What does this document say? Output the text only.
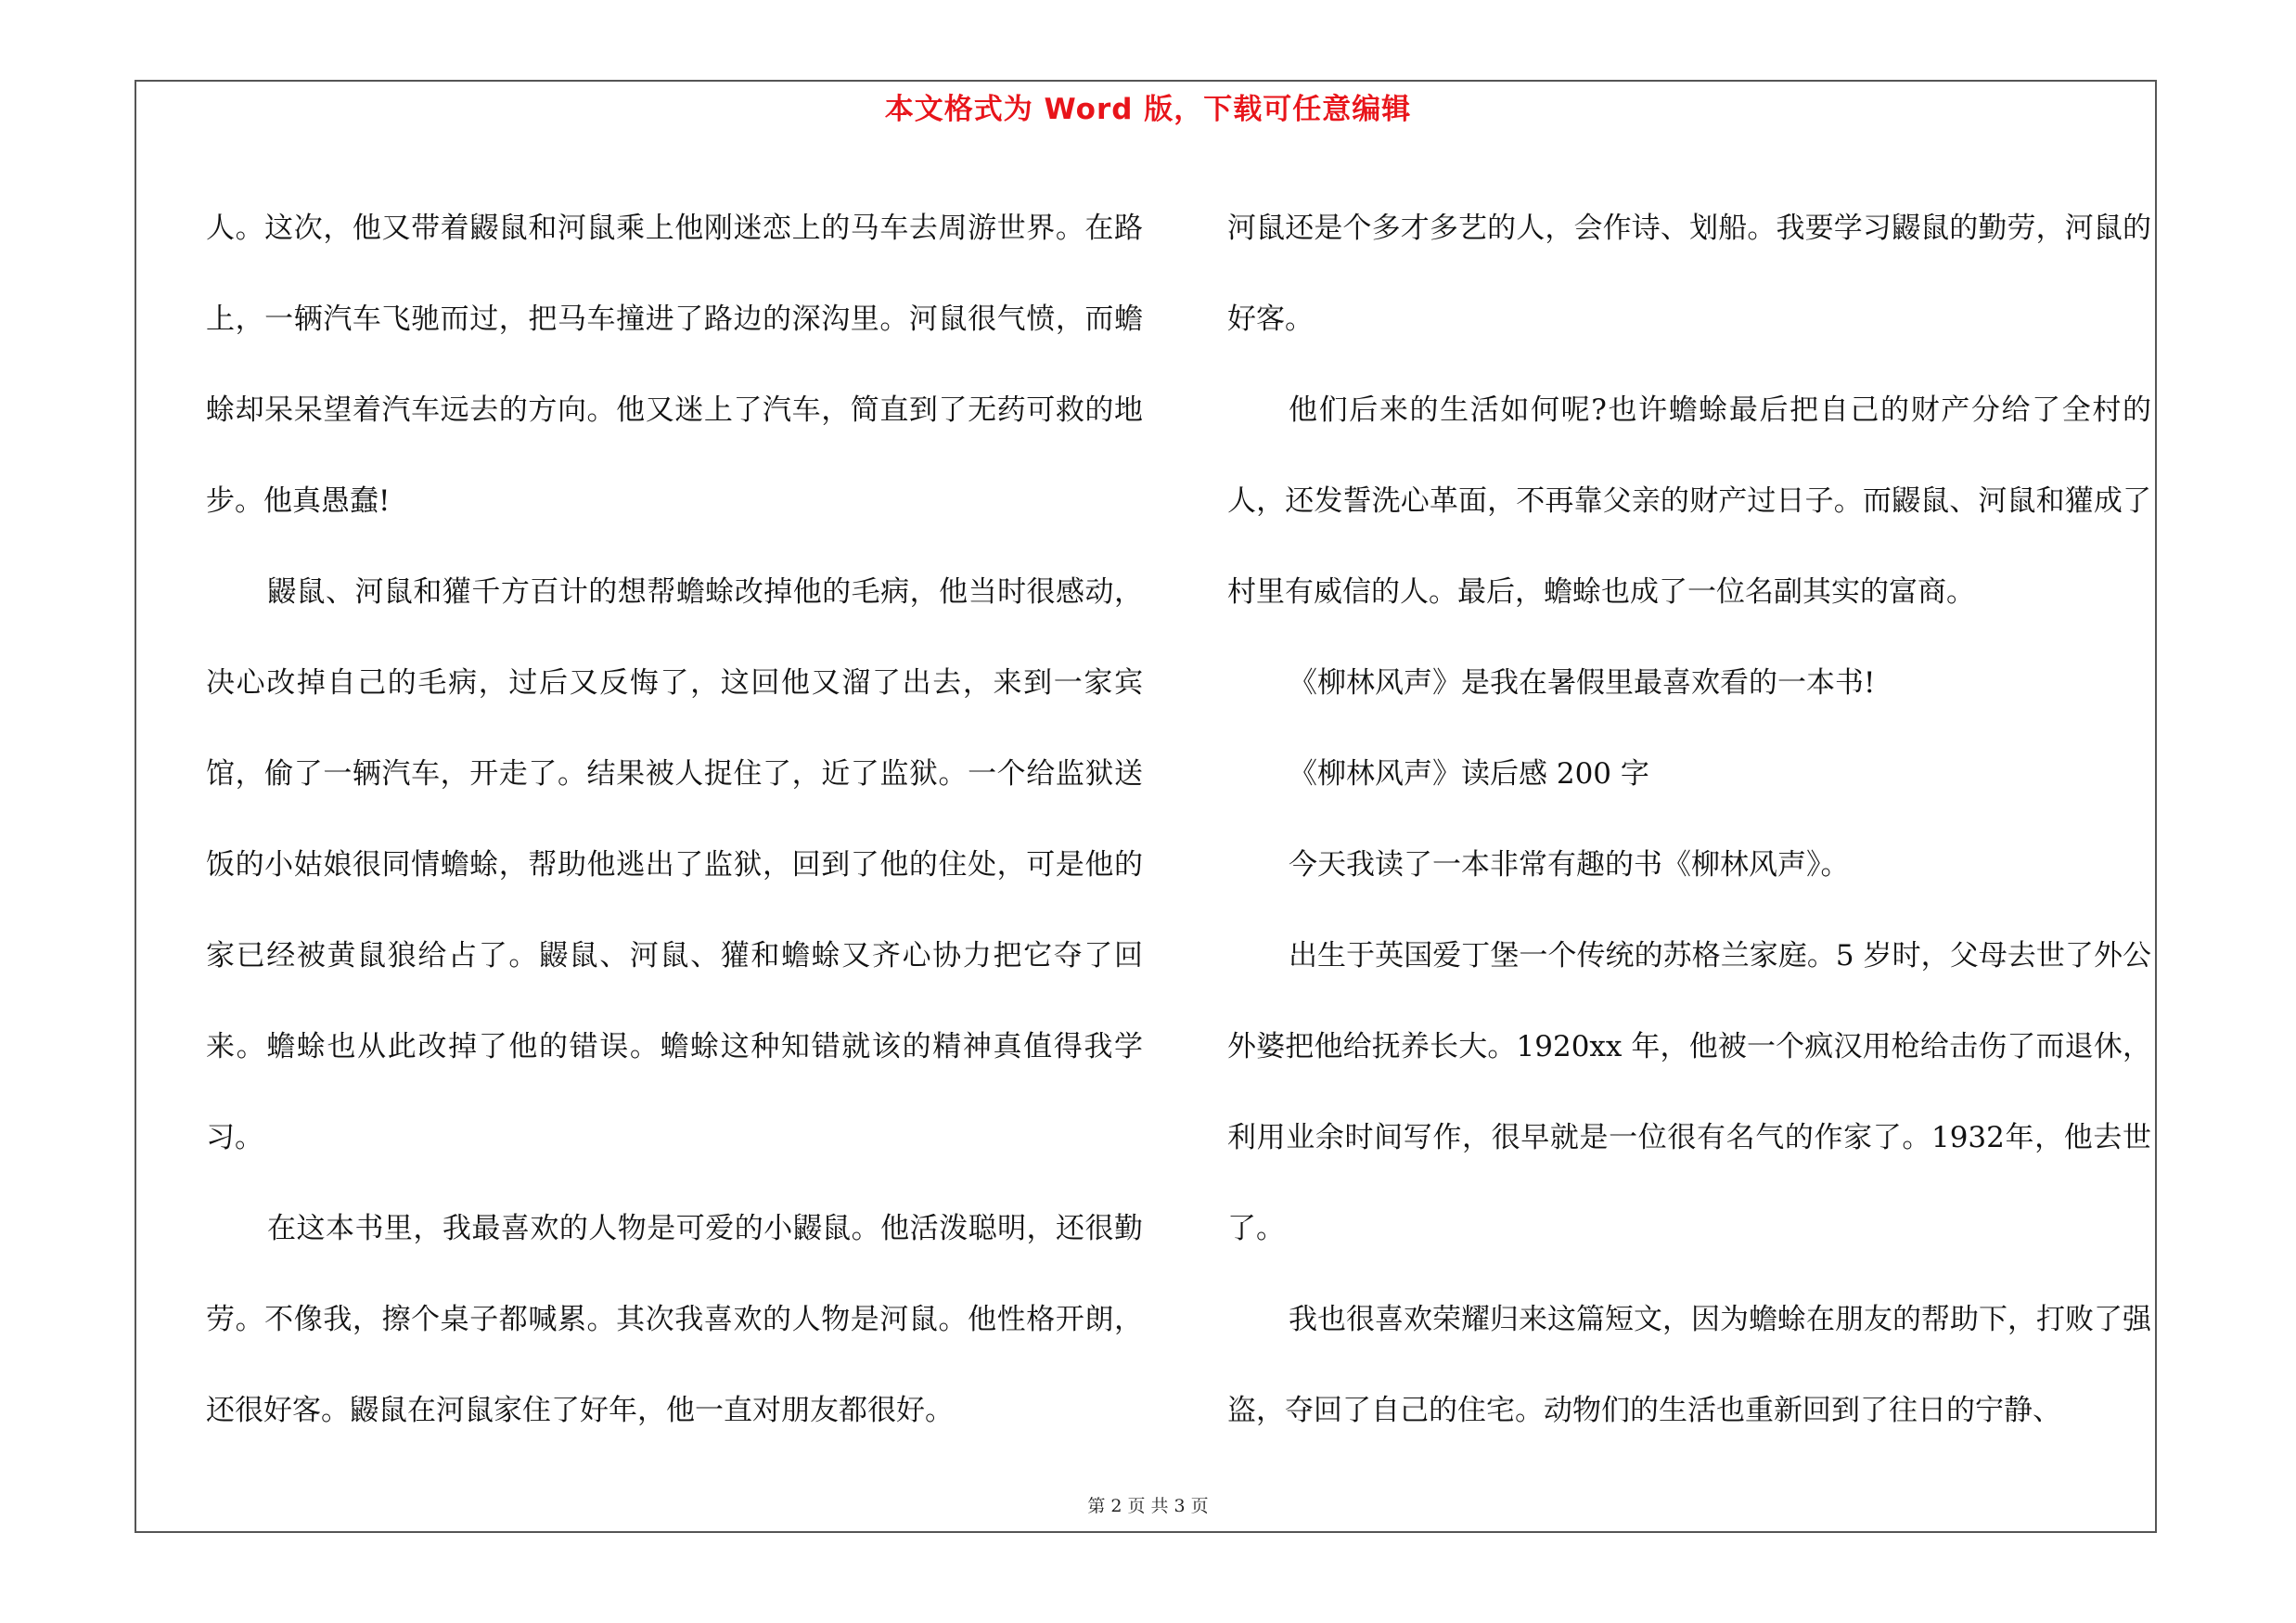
本文格式为 Word 版，下载可任意编辑

人。这次，他又带着鼹鼠和河鼠乘上他刚迷恋上的马车去周游世界。在路上，一辆汽车飞驰而过，把马车撞进了路边的深沟里。河鼠很气愤，而蟾蜍却呆呆望着汽车远去的方向。他又迷上了汽车，简直到了无药可救的地步。他真愚蠢!

鼹鼠、河鼠和獾千方百计的想帮蟾蜍改掉他的毛病，他当时很感动，决心改掉自己的毛病，过后又反悔了，这回他又溜了出去，来到一家宾馆，偷了一辆汽车，开走了。结果被人捉住了，近了监狱。一个给监狱送饭的小姑娘很同情蟾蜍，帮助他逃出了监狱，回到了他的住处，可是他的家已经被黄鼠狼给占了。鼹鼠、河鼠、獾和蟾蜍又齐心协力把它夺了回来。蟾蜍也从此改掉了他的错误。蟾蜍这种知错就该的精神真值得我学习。

在这本书里，我最喜欢的人物是可爱的小鼹鼠。他活泼聪明，还很勤劳。不像我，擦个桌子都喊累。其次我喜欢的人物是河鼠。他性格开朗，还很好客。鼹鼠在河鼠家住了好年，他一直对朋友都很好。

河鼠还是个多才多艺的人，会作诗、划船。我要学习鼹鼠的勤劳，河鼠的好客。

他们后来的生活如何呢?也许蟾蜍最后把自己的财产分给了全村的人，还发誓洗心革面，不再靠父亲的财产过日子。而鼹鼠、河鼠和獾成了村里有威信的人。最后，蟾蜍也成了一位名副其实的富商。

《柳林风声》是我在暑假里最喜欢看的一本书!

《柳林风声》读后感 200 字

今天我读了一本非常有趣的书《柳林风声》。

出生于英国爱丁堡一个传统的苏格兰家庭。5 岁时，父母去世了外公外婆把他给抚养长大。1920xx 年，他被一个疯汉用枪给击伤了而退休，利用业余时间写作，很早就是一位很有名气的作家了。1932年，他去世了。

我也很喜欢荣耀归来这篇短文，因为蟾蜍在朋友的帮助下，打败了强盗，夺回了自己的住宅。动物们的生活也重新回到了往日的宁静、

第 2 页 共 3 页
